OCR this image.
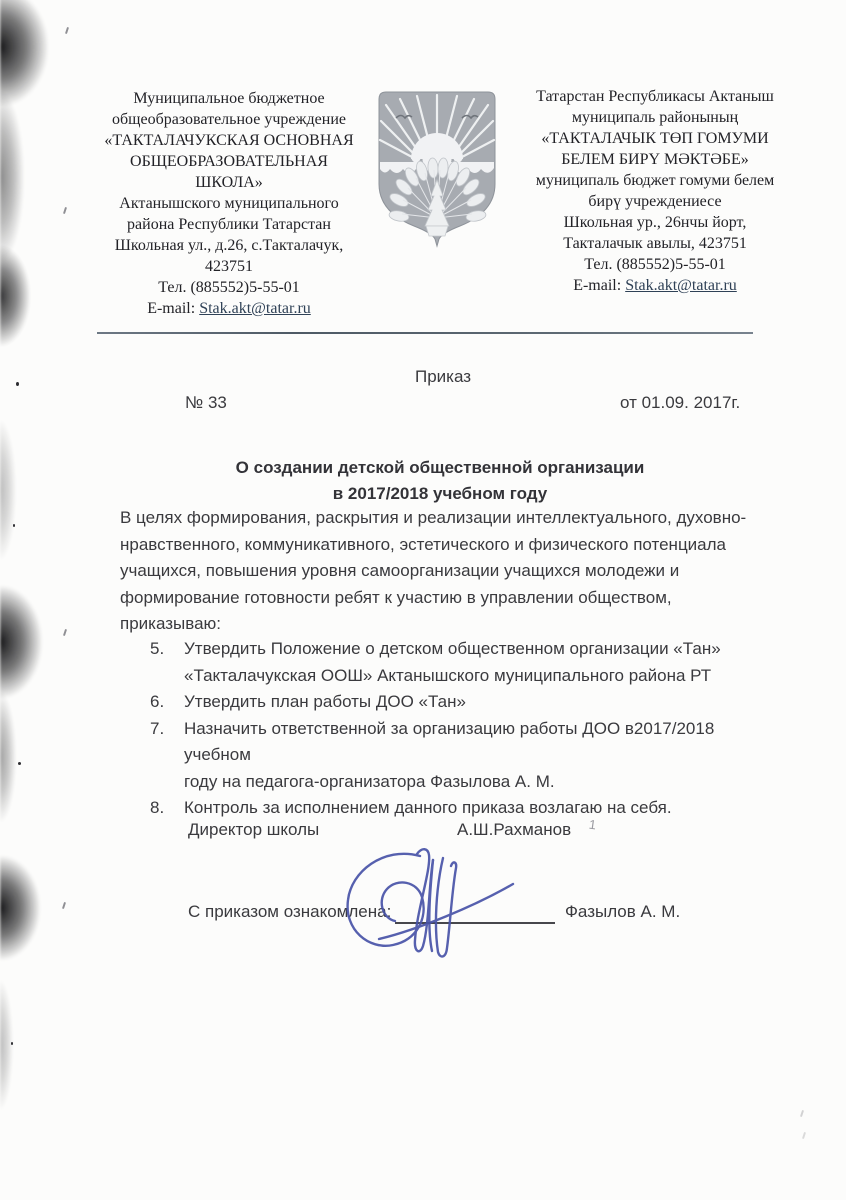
Муниципальное бюджетное
общеобразовательное учреждение
«ТАКТАЛАЧУКСКАЯ ОСНОВНАЯ
ОБЩЕОБРАЗОВАТЕЛЬНАЯ
ШКОЛА»
Актанышского муниципального
района Республики Татарстан
Школьная ул., д.26, с.Такталачук,
423751
Тел. (885552)5-55-01
E-mail: Stak.akt@tatar.ru
Татарстан Республикасы Актаныш
муниципаль районының
«ТАКТАЛАЧЫК ТӨП ГОМУМИ
БЕЛЕМ БИРҮ МӘКТӘБЕ»
муниципаль бюджет гомуми белем
бирү учреждениесе
Школьная ур., 26нчы йорт,
Такталачык авылы, 423751
Тел. (885552)5-55-01
E-mail: Stak.akt@tatar.ru
Приказ
№ 33	от 01.09. 2017г.
О создании детской общественной организации
в 2017/2018 учебном году
В целях формирования, раскрытия и реализации интеллектуального, духовно-
нравственного, коммуникативного, эстетического и физического потенциала
учащихся, повышения уровня самоорганизации учащихся молодежи и
формирование готовности ребят к участию в управлении обществом,
приказываю:
5.	Утвердить Положение о детском общественном организации «Тан»
«Такталачукская ООШ» Актанышского муниципального района РТ
6.	Утвердить план работы ДОО «Тан»
7.	Назначить ответственной за организацию работы ДОО в2017/2018 учебном
году на педагога-организатора Фазылова А. М.
8.	Контроль за исполнением данного приказа возлагаю на себя.
Директор школы	А.Ш.Рахманов 1
С приказом ознакомлена:	Фазылов А. М.
